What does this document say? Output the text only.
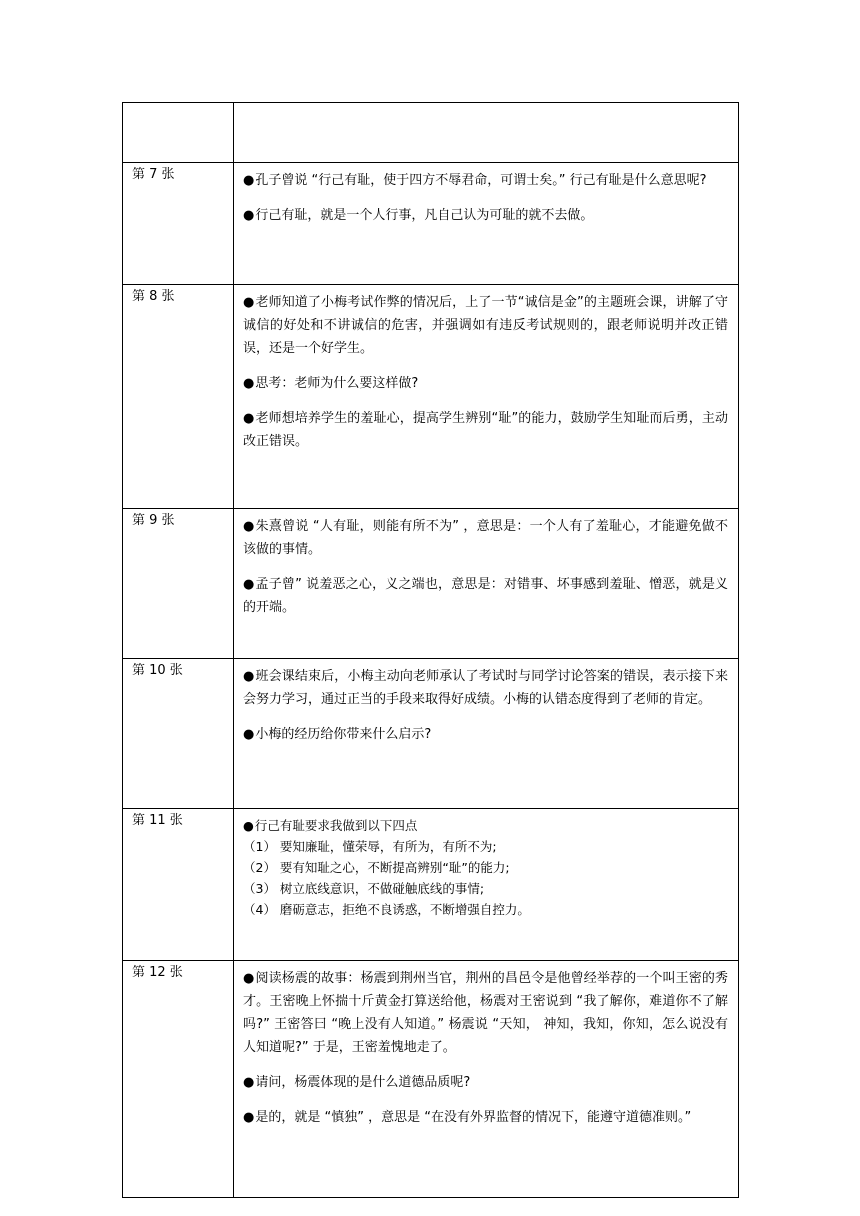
第 7 张	● 孔子曾说 “行己有耻，使于四方不辱君命，可谓士矣。” 行己有耻是什么意思呢?

● 行己有耻，就是一个人行事，凡自己认为可耻的就不去做。

第 8 张	● 老师知道了小梅考试作弊的情况后，上了一节“诚信是金”的主题班会课，讲解了守诚信的好处和不讲诚信的危害，并强调如有违反考试规则的，跟老师说明并改正错误，还是一个好学生。

● 思考：老师为什么要这样做?

● 老师想培养学生的羞耻心，提高学生辨别“耻”的能力，鼓励学生知耻而后勇，主动改正错误。

第 9 张	● 朱熹曾说 “人有耻，则能有所不为” ，意思是：一个人有了羞耻心，才能避免做不该做的事情。

● 孟子曾” 说羞恶之心，义之端也，意思是：对错事、坏事感到羞耻、憎恶，就是义的开端。

第 10 张	● 班会课结束后，小梅主动向老师承认了考试时与同学讨论答案的错误，表示接下来会努力学习，通过正当的手段来取得好成绩。小梅的认错态度得到了老师的肯定。

● 小梅的经历给你带来什么启示?

第 11 张	● 行己有耻要求我做到以下四点

（1） 要知廉耻，懂荣辱，有所为，有所不为;

（2） 要有知耻之心，不断提高辨别“耻”的能力;

（3） 树立底线意识，不做碰触底线的事情;

（4） 磨砺意志，拒绝不良诱惑，不断增强自控力。

第 12 张	● 阅读杨震的故事：杨震到荆州当官，荆州的昌邑令是他曾经举荐的一个叫王密的秀才。王密晚上怀揣十斤黄金打算送给他，杨震对王密说到 “我了解你，难道你不了解吗?” 王密答曰 “晚上没有人知道。” 杨震说 “天知， 神知，我知，你知，怎么说没有人知道呢?” 于是，王密羞愧地走了。

● 请问，杨震体现的是什么道德品质呢?

● 是的，就是 “慎独” ，意思是 “在没有外界监督的情况下，能遵守道德准则。”
